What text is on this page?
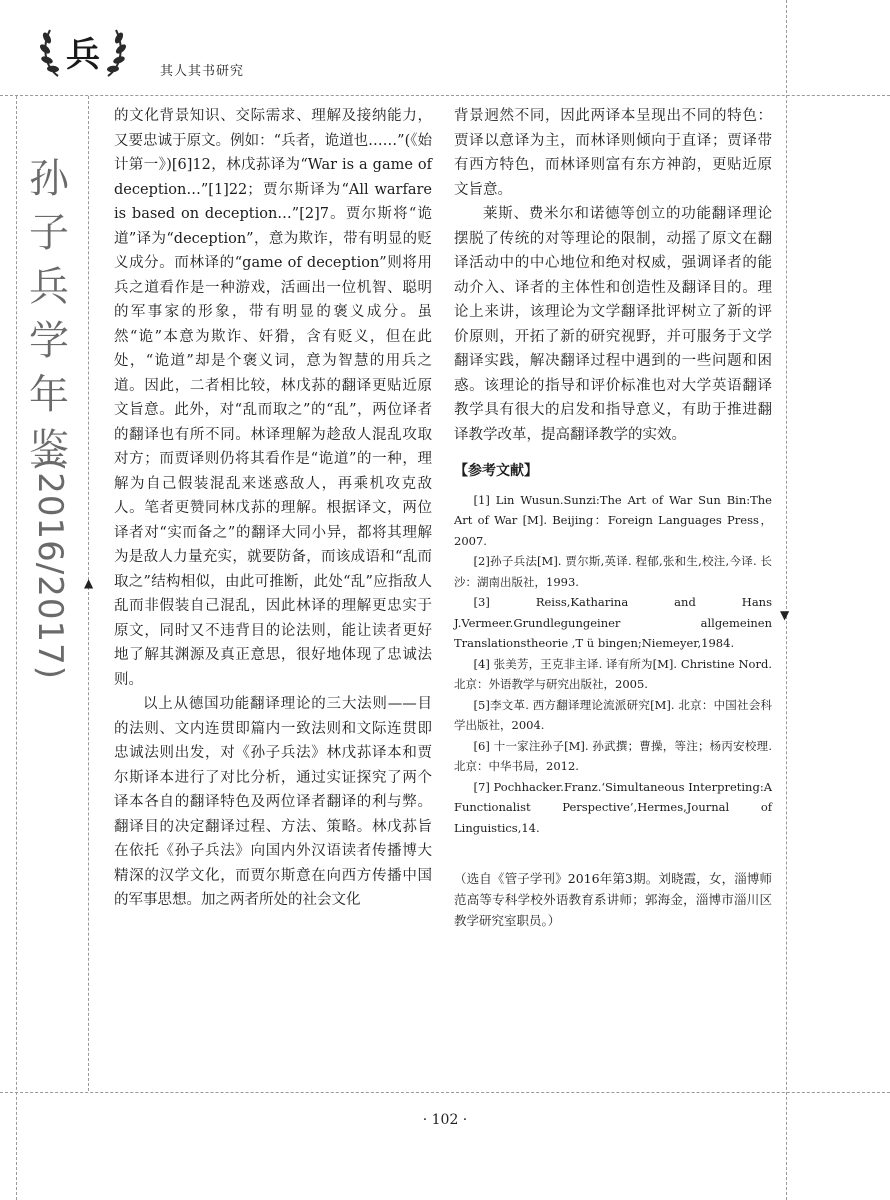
兵	其人其书研究
孙
子
兵
学
年
鉴
(2016/2017) ▲
▼

的文化背景知识、交际需求、理解及接纳能力，又要忠诚于原文。例如：“兵者，诡道也……”(《始计第一》)[6]12，林戊荪译为“War is a game of deception…”[1]22；贾尔斯译为“All warfare is based on deception…”[2]7。贾尔斯将“诡道”译为“deception”，意为欺诈，带有明显的贬义成分。而林译的“game of deception”则将用兵之道看作是一种游戏，活画出一位机智、聪明的军事家的形象，带有明显的褒义成分。虽然“诡”本意为欺诈、奸猾，含有贬义，但在此处，“诡道”却是个褒义词，意为智慧的用兵之道。因此，二者相比较，林戊荪的翻译更贴近原文旨意。此外，对“乱而取之”的“乱”，两位译者的翻译也有所不同。林译理解为趁敌人混乱攻取对方；而贾译则仍将其看作是“诡道”的一种，理解为自己假装混乱来迷惑敌人，再乘机攻克敌人。笔者更赞同林戊荪的理解。根据译文，两位译者对“实而备之”的翻译大同小异，都将其理解为是敌人力量充实，就要防备，而该成语和“乱而取之”结构相似，由此可推断，此处“乱”应指敌人乱而非假装自己混乱，因此林译的理解更忠实于原文，同时又不违背目的论法则，能让读者更好地了解其渊源及真正意思，很好地体现了忠诚法则。

以上从德国功能翻译理论的三大法则——目的法则、文内连贯即篇内一致法则和文际连贯即忠诚法则出发，对《孙子兵法》林戊荪译本和贾尔斯译本进行了对比分析，通过实证探究了两个译本各自的翻译特色及两位译者翻译的利与弊。翻译目的决定翻译过程、方法、策略。林戊荪旨在依托《孙子兵法》向国内外汉语读者传播博大精深的汉学文化，而贾尔斯意在向西方传播中国的军事思想。加之两者所处的社会文化

背景迥然不同，因此两译本呈现出不同的特色：贾译以意译为主，而林译则倾向于直译；贾译带有西方特色，而林译则富有东方神韵，更贴近原文旨意。

莱斯、费米尔和诺德等创立的功能翻译理论摆脱了传统的对等理论的限制，动摇了原文在翻译活动中的中心地位和绝对权威，强调译者的能动介入、译者的主体性和创造性及翻译目的。理论上来讲，该理论为文学翻译批评树立了新的评价原则，开拓了新的研究视野，并可服务于文学翻译实践，解决翻译过程中遇到的一些问题和困惑。该理论的指导和评价标准也对大学英语翻译教学具有很大的启发和指导意义，有助于推进翻译教学改革，提高翻译教学的实效。

【参考文献】

[1] Lin Wusun.Sunzi:The Art of War Sun Bin:The Art of War [M]. Beijing：Foreign Languages Press，2007.

[2]孙子兵法[M]. 贾尔斯,英译. 程郁,张和生,校注,今译. 长沙：湖南出版社，1993.

[3] Reiss,Katharina and Hans J.Vermeer.Grundlegungeiner allgemeinen Translationstheorie ,T ü bingen;Niemeyer,1984.

[4] 张美芳，王克非主译. 译有所为[M]. Christine Nord. 北京：外语教学与研究出版社，2005.

[5]李文革. 西方翻译理论流派研究[M]. 北京：中国社会科学出版社，2004.

[6] 十一家注孙子[M]. 孙武撰；曹操，等注；杨丙安校理. 北京：中华书局，2012.

[7] Pochhacker.Franz.‘Simultaneous Interpreting:A Functionalist Perspective’,Hermes,Journal of Linguistics,14.

（选自《管子学刊》2016年第3期。刘晓霞，女，淄博师范高等专科学校外语教育系讲师；郭海金，淄博市淄川区教学研究室职员。）

· 102 ·
